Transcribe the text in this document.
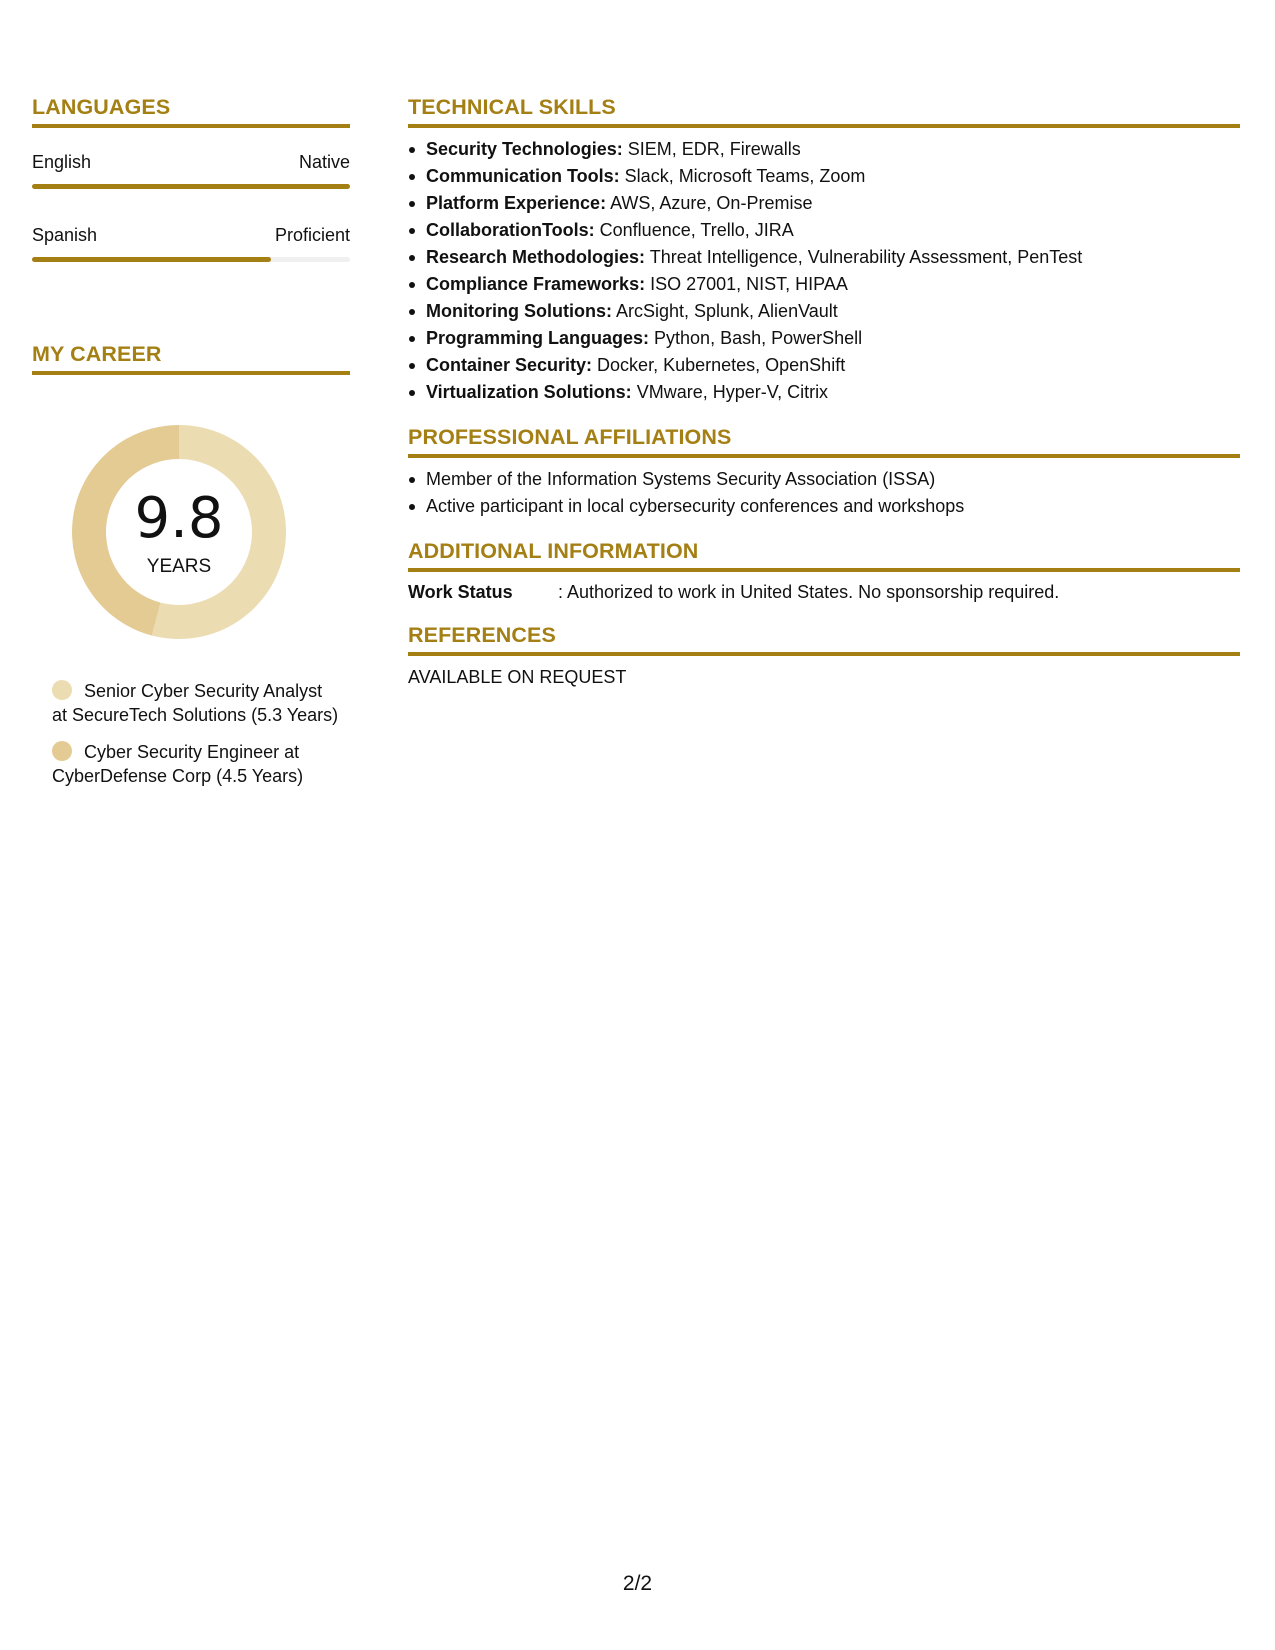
LANGUAGES
English	Native
Spanish	Proficient
MY CAREER
9.8
YEARS
Senior Cyber Security Analyst at SecureTech Solutions (5.3 Years)
Cyber Security Engineer at CyberDefense Corp (4.5 Years)
TECHNICAL SKILLS
Security Technologies: SIEM, EDR, Firewalls
Communication Tools: Slack, Microsoft Teams, Zoom
Platform Experience: AWS, Azure, On-Premise
CollaborationTools: Confluence, Trello, JIRA
Research Methodologies: Threat Intelligence, Vulnerability Assessment, PenTest
Compliance Frameworks: ISO 27001, NIST, HIPAA
Monitoring Solutions: ArcSight, Splunk, AlienVault
Programming Languages: Python, Bash, PowerShell
Container Security: Docker, Kubernetes, OpenShift
Virtualization Solutions: VMware, Hyper-V, Citrix
PROFESSIONAL AFFILIATIONS
Member of the Information Systems Security Association (ISSA)
Active participant in local cybersecurity conferences and workshops
ADDITIONAL INFORMATION
Work Status	: Authorized to work in United States. No sponsorship required.
REFERENCES
AVAILABLE ON REQUEST
2/2
